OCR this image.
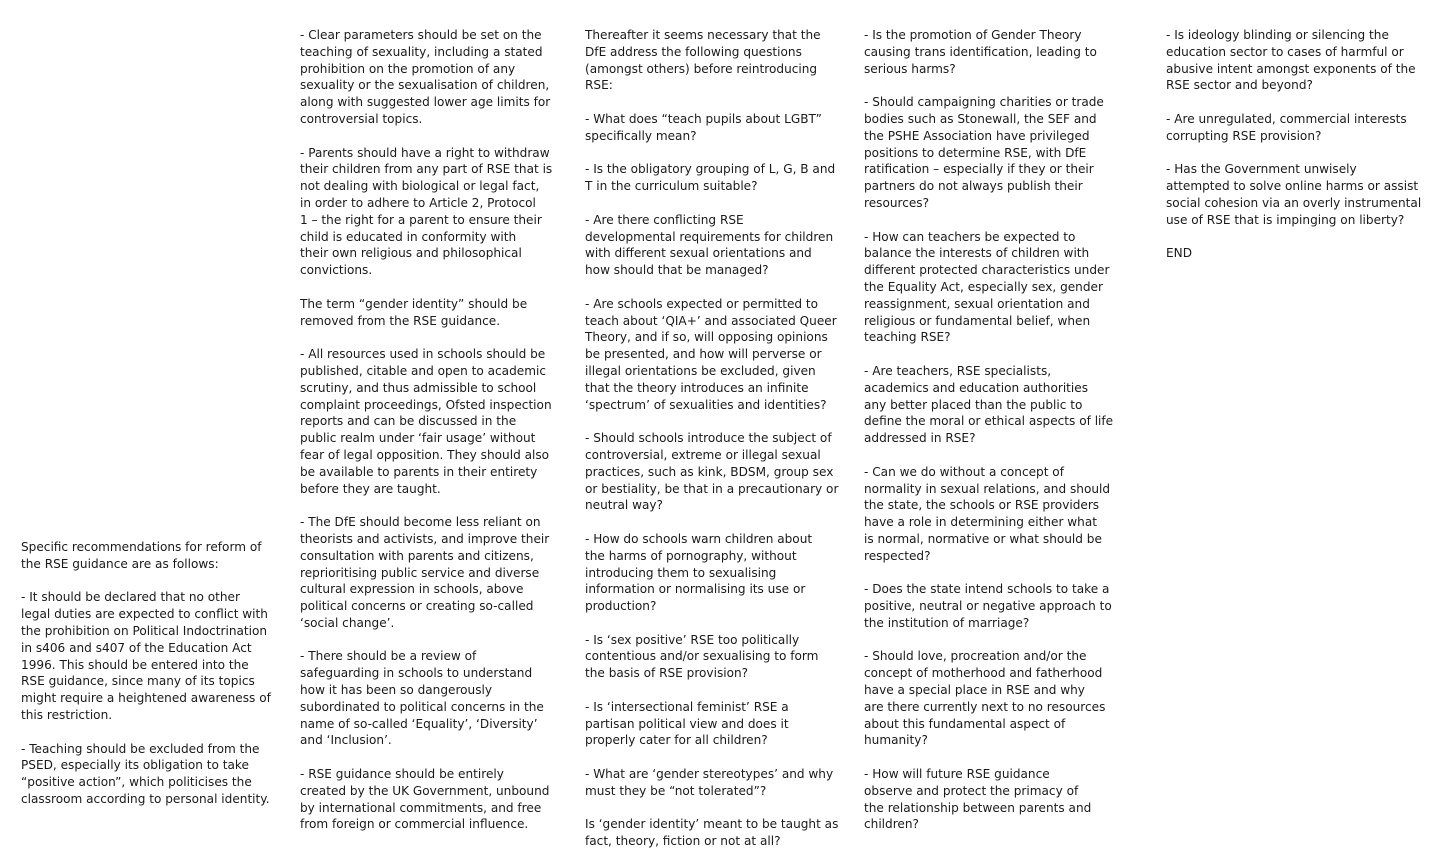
Specific recommendations for reform of
the RSE guidance are as follows:

- It should be declared that no other
legal duties are expected to conflict with
the prohibition on Political Indoctrination
in s406 and s407 of the Education Act
1996. This should be entered into the
RSE guidance, since many of its topics
might require a heightened awareness of
this restriction.

- Teaching should be excluded from the
PSED, especially its obligation to take
“positive action”, which politicises the
classroom according to personal identity.

- Clear parameters should be set on the
teaching of sexuality, including a stated
prohibition on the promotion of any
sexuality or the sexualisation of children,
along with suggested lower age limits for
controversial topics.

- Parents should have a right to withdraw
their children from any part of RSE that is
not dealing with biological or legal fact,
in order to adhere to Article 2, Protocol
1 – the right for a parent to ensure their
child is educated in conformity with
their own religious and philosophical
convictions.

The term “gender identity” should be
removed from the RSE guidance.

- All resources used in schools should be
published, citable and open to academic
scrutiny, and thus admissible to school
complaint proceedings, Ofsted inspection
reports and can be discussed in the
public realm under ‘fair usage’ without
fear of legal opposition. They should also
be available to parents in their entirety
before they are taught.

- The DfE should become less reliant on
theorists and activists, and improve their
consultation with parents and citizens,
reprioritising public service and diverse
cultural expression in schools, above
political concerns or creating so-called
‘social change’.

- There should be a review of
safeguarding in schools to understand
how it has been so dangerously
subordinated to political concerns in the
name of so-called ‘Equality’, ‘Diversity’
and ‘Inclusion’.

- RSE guidance should be entirely
created by the UK Government, unbound
by international commitments, and free
from foreign or commercial influence.

Thereafter it seems necessary that the
DfE address the following questions
(amongst others) before reintroducing
RSE:

- What does “teach pupils about LGBT”
specifically mean?

- Is the obligatory grouping of L, G, B and
T in the curriculum suitable?

- Are there conflicting RSE
developmental requirements for children
with different sexual orientations and
how should that be managed?

- Are schools expected or permitted to
teach about ‘QIA+’ and associated Queer
Theory, and if so, will opposing opinions
be presented, and how will perverse or
illegal orientations be excluded, given
that the theory introduces an infinite
‘spectrum’ of sexualities and identities?

- Should schools introduce the subject of
controversial, extreme or illegal sexual
practices, such as kink, BDSM, group sex
or bestiality, be that in a precautionary or
neutral way?

- How do schools warn children about
the harms of pornography, without
introducing them to sexualising
information or normalising its use or
production?

- Is ‘sex positive’ RSE too politically
contentious and/or sexualising to form
the basis of RSE provision?

- Is ‘intersectional feminist’ RSE a
partisan political view and does it
properly cater for all children?

- What are ‘gender stereotypes’ and why
must they be “not tolerated”?

Is ‘gender identity’ meant to be taught as
fact, theory, fiction or not at all?

- Is the promotion of Gender Theory
causing trans identification, leading to
serious harms?

- Should campaigning charities or trade
bodies such as Stonewall, the SEF and
the PSHE Association have privileged
positions to determine RSE, with DfE
ratification – especially if they or their
partners do not always publish their
resources?

- How can teachers be expected to
balance the interests of children with
different protected characteristics under
the Equality Act, especially sex, gender
reassignment, sexual orientation and
religious or fundamental belief, when
teaching RSE?

- Are teachers, RSE specialists,
academics and education authorities
any better placed than the public to
define the moral or ethical aspects of life
addressed in RSE?

- Can we do without a concept of
normality in sexual relations, and should
the state, the schools or RSE providers
have a role in determining either what
is normal, normative or what should be
respected?

- Does the state intend schools to take a
positive, neutral or negative approach to
the institution of marriage?

- Should love, procreation and/or the
concept of motherhood and fatherhood
have a special place in RSE and why
are there currently next to no resources
about this fundamental aspect of
humanity?

- How will future RSE guidance
observe and protect the primacy of
the relationship between parents and
children?

- Is ideology blinding or silencing the
education sector to cases of harmful or
abusive intent amongst exponents of the
RSE sector and beyond?

- Are unregulated, commercial interests
corrupting RSE provision?

- Has the Government unwisely
attempted to solve online harms or assist
social cohesion via an overly instrumental
use of RSE that is impinging on liberty?

END
